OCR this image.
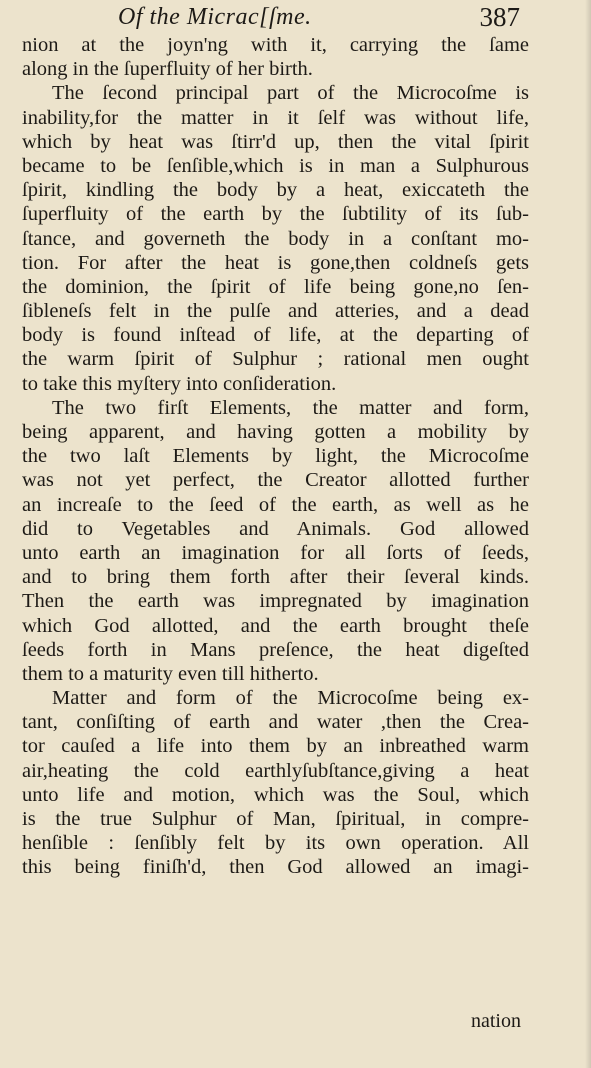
Of the Micrac[ſme.	387
nion at the joyn'ng with it, carrying the ſame
along in the ſuperfluity of her birth.
The ſecond principal part of the Microcoſme is
inability,for the matter in it ſelf was without life,
which by heat was ſtirr'd up, then the vital ſpirit
became to be ſenſible,which is in man a Sulphurous
ſpirit, kindling the body by a heat, exiccateth the
ſuperfluity of the earth by the ſubtility of its ſub-
ſtance, and governeth the body in a conſtant mo-
tion. For after the heat is gone,then coldneſs gets
the dominion, the ſpirit of life being gone,no ſen-
ſibleneſs felt in the pulſe and atteries, and a dead
body is found inſtead of life, at the departing of
the warm ſpirit of Sulphur ; rational men ought
to take this myſtery into conſideration.
The two firſt Elements, the matter and form,
being apparent, and having gotten a mobility by
the two laſt Elements by light, the Microcoſme
was not yet perfect, the Creator allotted further
an increaſe to the ſeed of the earth, as well as he
did to Vegetables and Animals. God allowed
unto earth an imagination for all ſorts of ſeeds,
and to bring them forth after their ſeveral kinds.
Then the earth was impregnated by imagination
which God allotted, and the earth brought theſe
ſeeds forth in Mans preſence, the heat digeſted
them to a maturity even till hitherto.
Matter and form of the Microcoſme being ex-
tant, conſiſting of earth and water ,then the Crea-
tor cauſed a life into them by an inbreathed warm
air,heating the cold earthlyſubſtance,giving a heat
unto life and motion, which was the Soul, which
is the true Sulphur of Man, ſpiritual, in compre-
henſible : ſenſibly felt by its own operation. All
this being finiſh'd, then God allowed an imagi-
nation
